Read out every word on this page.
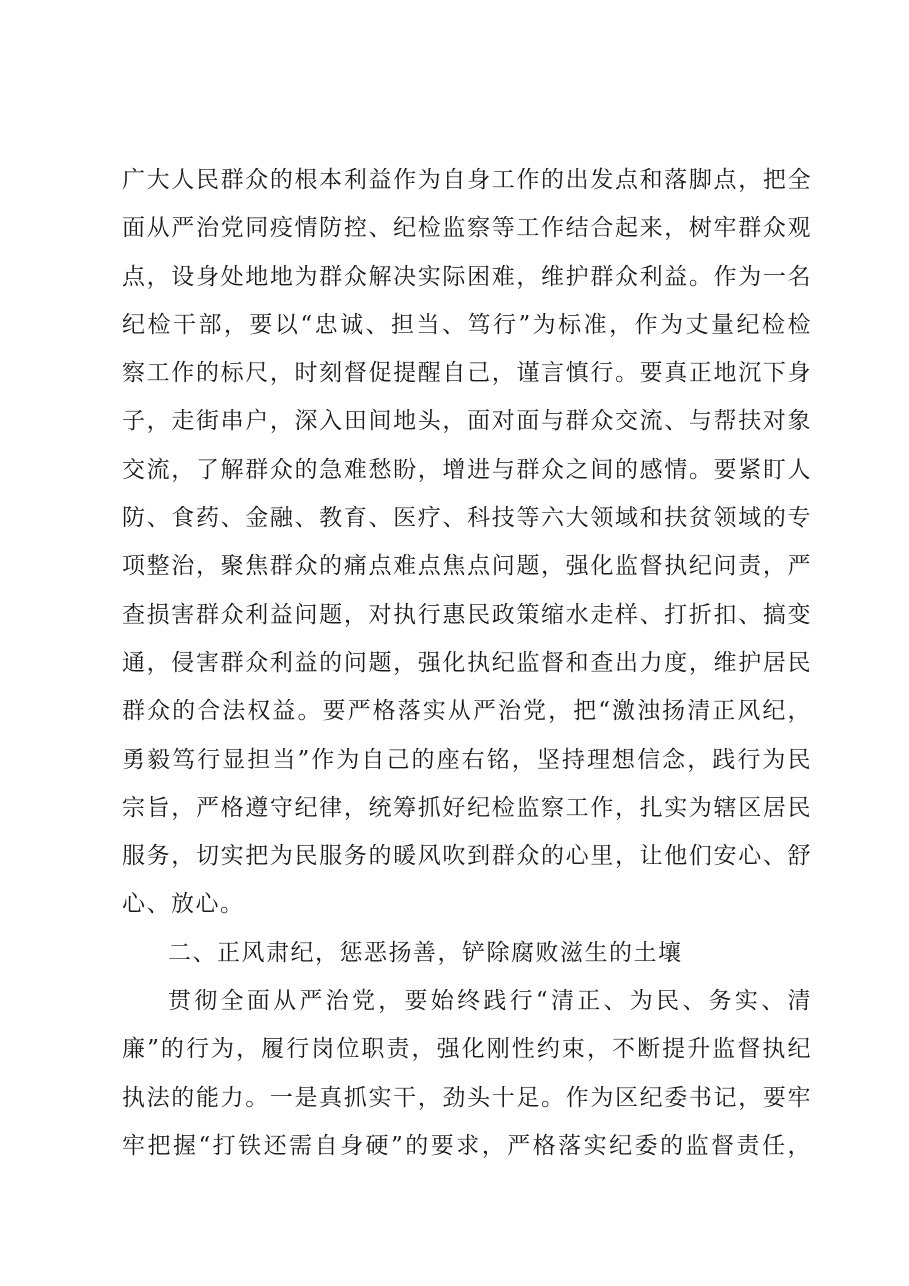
广大人民群众的根本利益作为自身工作的出发点和落脚点，把全
面从严治党同疫情防控、纪检监察等工作结合起来，树牢群众观
点，设身处地地为群众解决实际困难，维护群众利益。作为一名
纪检干部，要以“忠诚、担当、笃行”为标准，作为丈量纪检检
察工作的标尺，时刻督促提醒自己，谨言慎行。要真正地沉下身
子，走街串户，深入田间地头，面对面与群众交流、与帮扶对象
交流，了解群众的急难愁盼，增进与群众之间的感情。要紧盯人
防、食药、金融、教育、医疗、科技等六大领域和扶贫领域的专
项整治，聚焦群众的痛点难点焦点问题，强化监督执纪问责，严
查损害群众利益问题，对执行惠民政策缩水走样、打折扣、搞变
通，侵害群众利益的问题，强化执纪监督和查出力度，维护居民
群众的合法权益。要严格落实从严治党，把“激浊扬清正风纪，
勇毅笃行显担当”作为自己的座右铭，坚持理想信念，践行为民
宗旨，严格遵守纪律，统筹抓好纪检监察工作，扎实为辖区居民
服务，切实把为民服务的暖风吹到群众的心里，让他们安心、舒
心、放心。
二、正风肃纪，惩恶扬善，铲除腐败滋生的土壤
贯彻全面从严治党，要始终践行“清正、为民、务实、清
廉”的行为，履行岗位职责，强化刚性约束，不断提升监督执纪
执法的能力。一是真抓实干，劲头十足。作为区纪委书记，要牢
牢把握“打铁还需自身硬”的要求，严格落实纪委的监督责任，
